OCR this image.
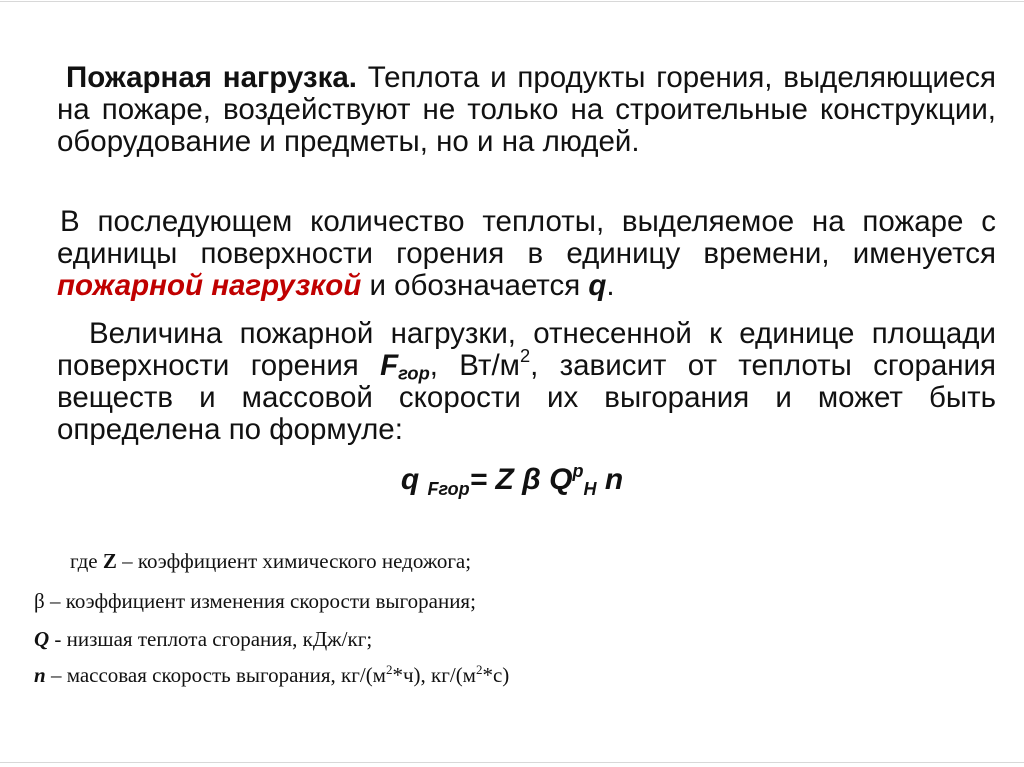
Пожарная нагрузка. Теплота и продукты горения, выделяющиеся на пожаре, воздействуют не только на строительные конструкции, оборудование и предметы, но и на людей.

В последующем количество теплоты, выделяемое на пожаре с единицы поверхности горения в единицу времени, именуется пожарной нагрузкой и обозначается q.

Величина пожарной нагрузки, отнесенной к единице площади поверхности горения $F_{гор}$, $Вт/м^2$, зависит от теплоты сгорания веществ и массовой скорости их выгорания и может быть определена по формуле:

q $_{Fгор}$= Z β $Q^p_H$ n

где Z – коэффициент химического недожога;

β – коэффициент изменения скорости выгорания;

Q - низшая теплота сгорания, кДж/кг;

n – массовая скорость выгорания, $кг/(м^2*ч)$, $кг/(м^2*с)$
